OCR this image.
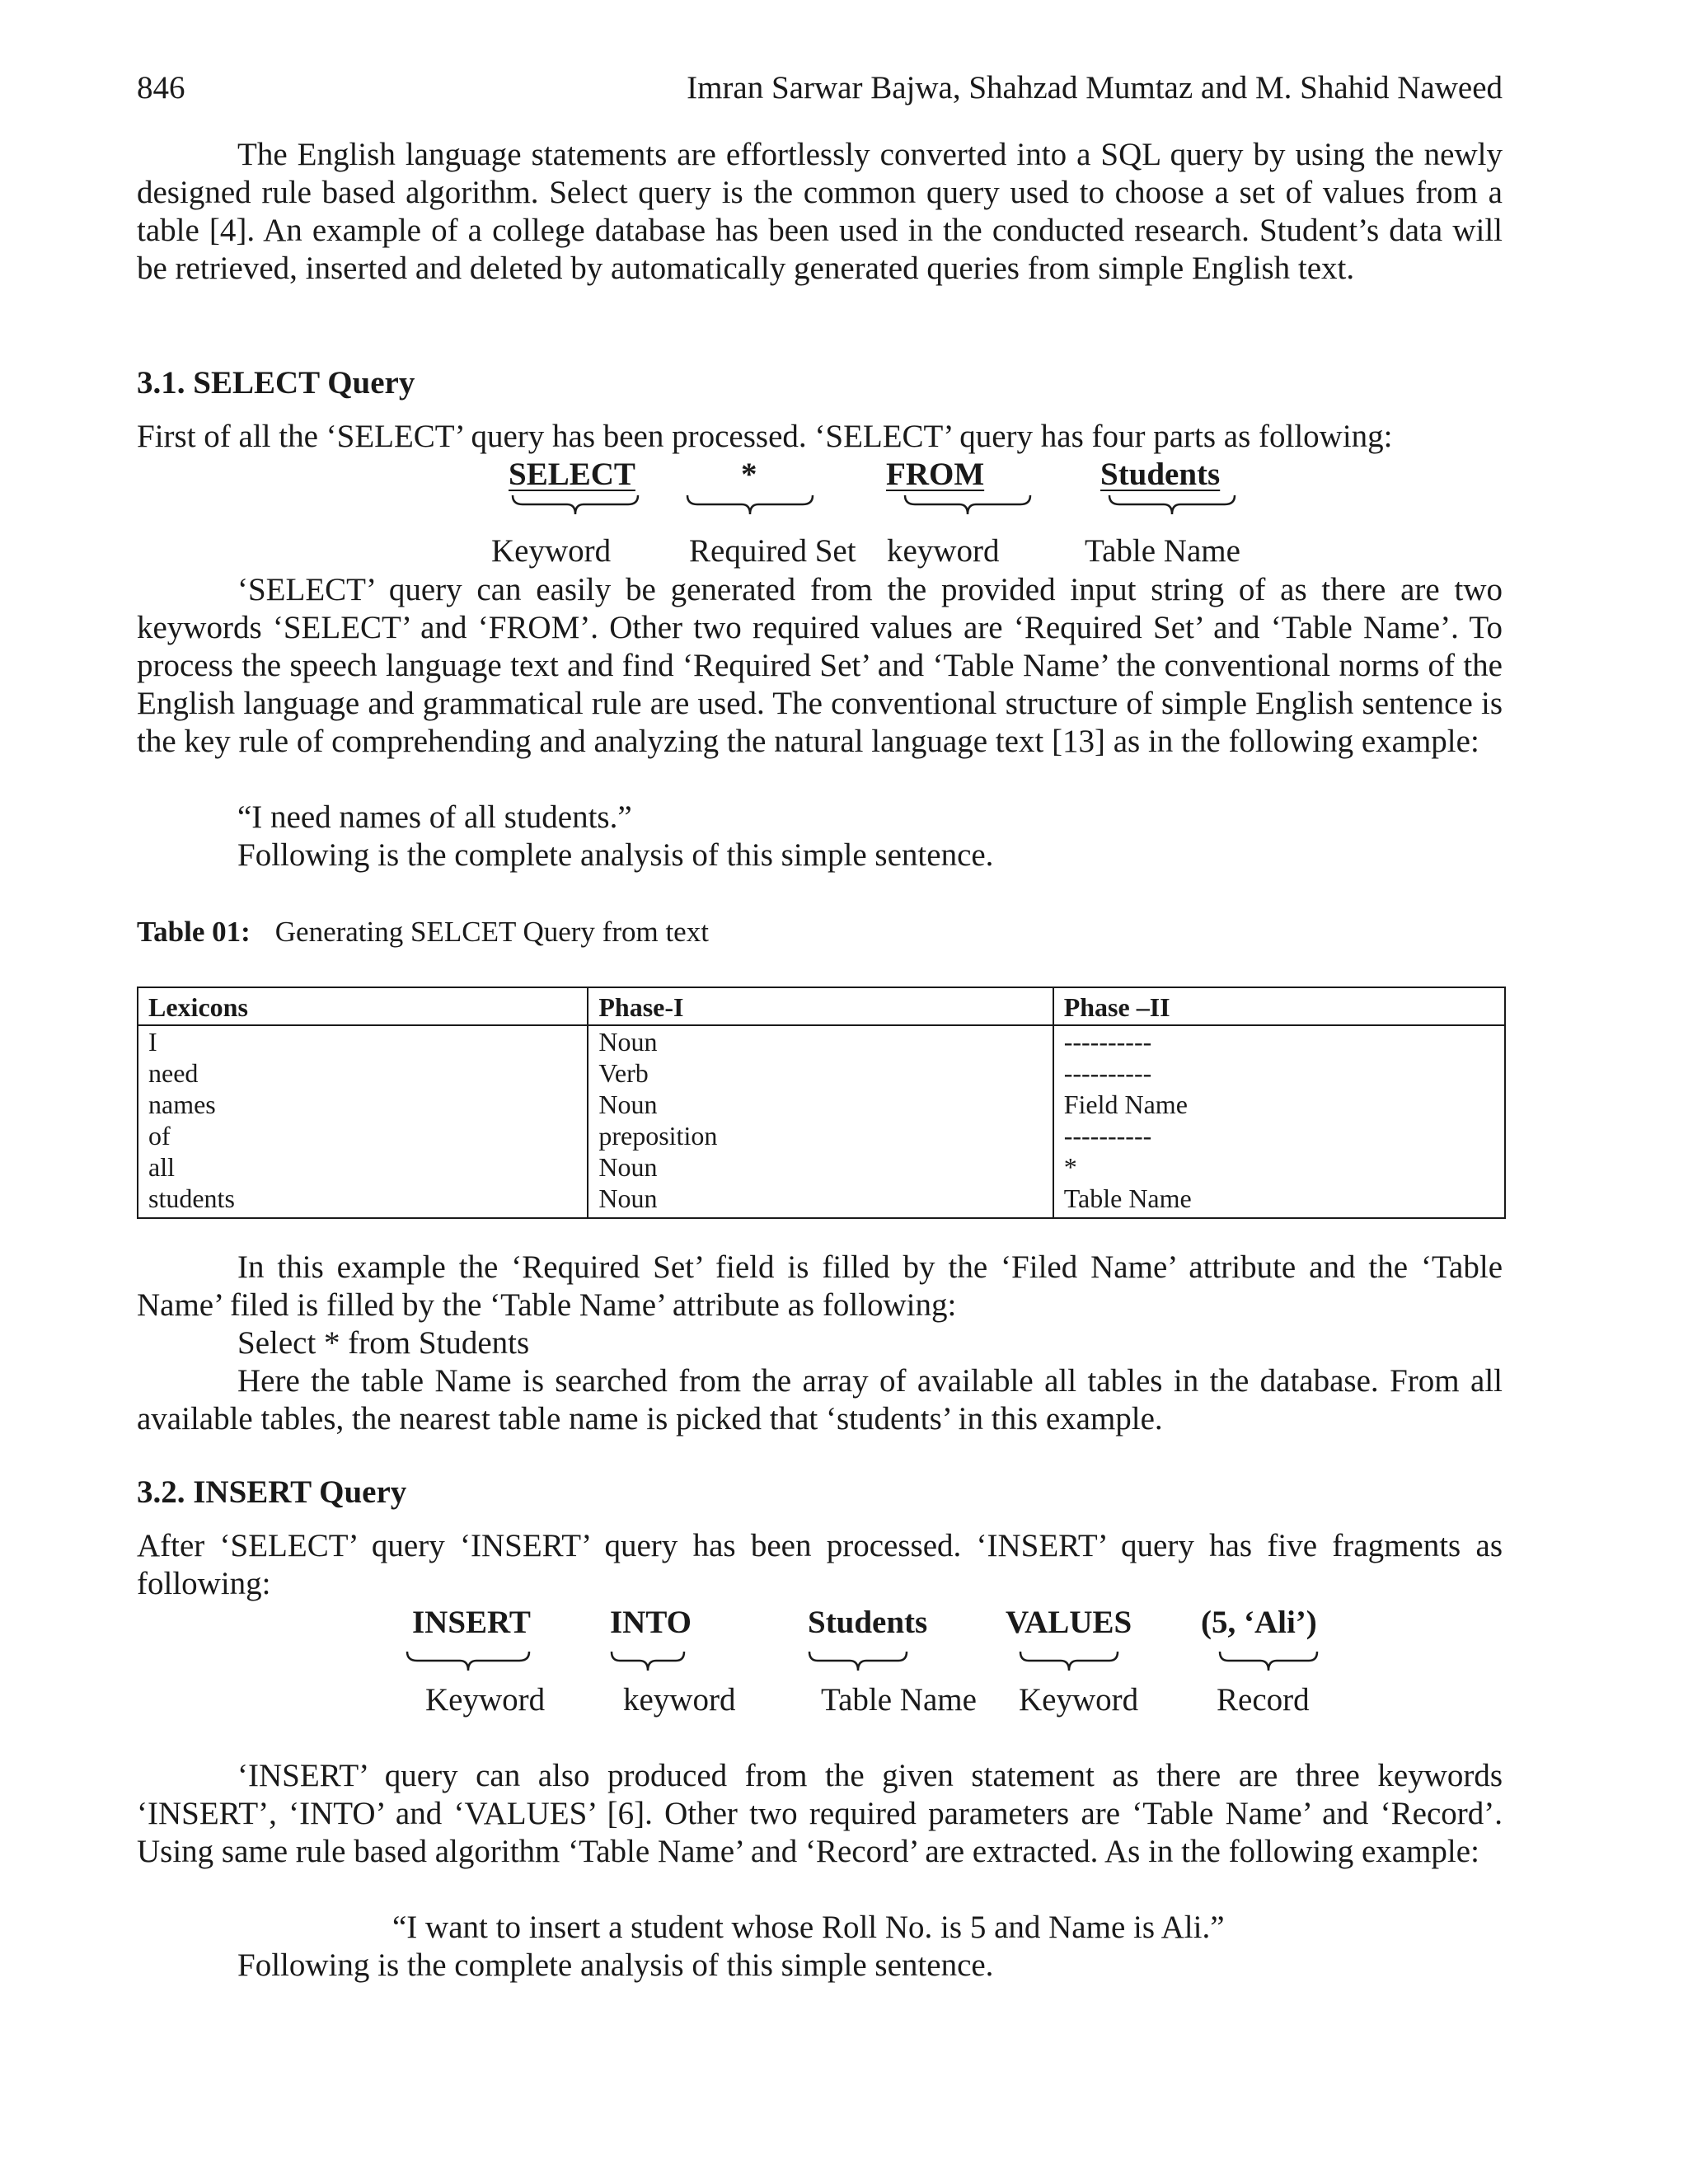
846	Imran Sarwar Bajwa, Shahzad Mumtaz and M. Shahid Naweed

The English language statements are effortlessly converted into a SQL query by using the newly designed rule based algorithm. Select query is the common query used to choose a set of values from a table [4]. An example of a college database has been used in the conducted research. Student’s data will be retrieved, inserted and deleted by automatically generated queries from simple English text.

3.1. SELECT Query

First of all the ‘SELECT’ query has been processed. ‘SELECT’ query has four parts as following:

SELECT	*	FROM	Students
Keyword Required Set keyword	Table Name

‘SELECT’ query can easily be generated from the provided input string of as there are two keywords ‘SELECT’ and ‘FROM’. Other two required values are ‘Required Set’ and ‘Table Name’. To process the speech language text and find ‘Required Set’ and ‘Table Name’ the conventional norms of the English language and grammatical rule are used. The conventional structure of simple English sentence is the key rule of comprehending and analyzing the natural language text [13] as in the following example:

“I need names of all students.”
Following is the complete analysis of this simple sentence.
Table 01: Generating SELCET Query from text
Lexicons	Phase-I	Phase –II
I	Noun	----------
need	Verb	----------
names	Noun	Field Name
of	preposition	----------
all	Noun	*
students	Noun	Table Name

In this example the ‘Required Set’ field is filled by the ‘Filed Name’ attribute and the ‘Table Name’ filed is filled by the ‘Table Name’ attribute as following:

Select * from Students

Here the table Name is searched from the array of available all tables in the database. From all available tables, the nearest table name is picked that ‘students’ in this example.

3.2. INSERT Query

After ‘SELECT’ query ‘INSERT’ query has been processed. ‘INSERT’ query has five fragments as following:

INSERT INTO	Students VALUES (5, ‘Ali’)
Keyword keyword	Table Name Keyword Record

‘INSERT’ query can also produced from the given statement as there are three keywords ‘INSERT’, ‘INTO’ and ‘VALUES’ [6]. Other two required parameters are ‘Table Name’ and ‘Record’. Using same rule based algorithm ‘Table Name’ and ‘Record’ are extracted. As in the following example:

“I want to insert a student whose Roll No. is 5 and Name is Ali.”
Following is the complete analysis of this simple sentence.
